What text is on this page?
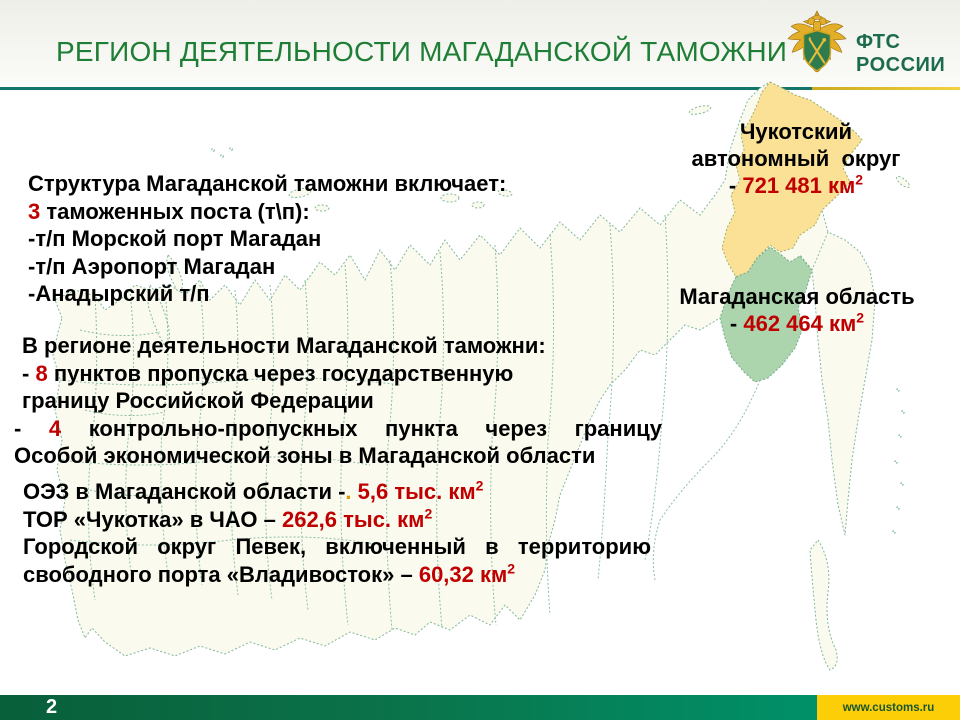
РЕГИОН ДЕЯТЕЛЬНОСТИ МАГАДАНСКОЙ ТАМОЖНИ	ФТС
РОССИИ
Структура Магаданской таможни включает:
3 таможенных поста (т\п):
-т/п Морской порт Магадан
-т/п Аэропорт Магадан
-Анадырский т/п
В регионе деятельности Магаданской таможни:
- 8 пунктов пропуска через государственную
границу Российской Федерации
- 4 контрольно-пропускных пункта через границу
Особой экономической зоны в Магаданской области
ОЭЗ в Магаданской области -. 5,6 тыс. $км^2$
ТОР «Чукотка» в ЧАО – 262,6 тыс. $км^2$
Городской округ Певек, включенный в территорию
свободного порта «Владивосток» – 60,32 $км^2$
Чукотский
автономный  округ
- 721 481 $км^2$
Магаданская область
- 462 464 $км^2$
2	www.customs.ru
